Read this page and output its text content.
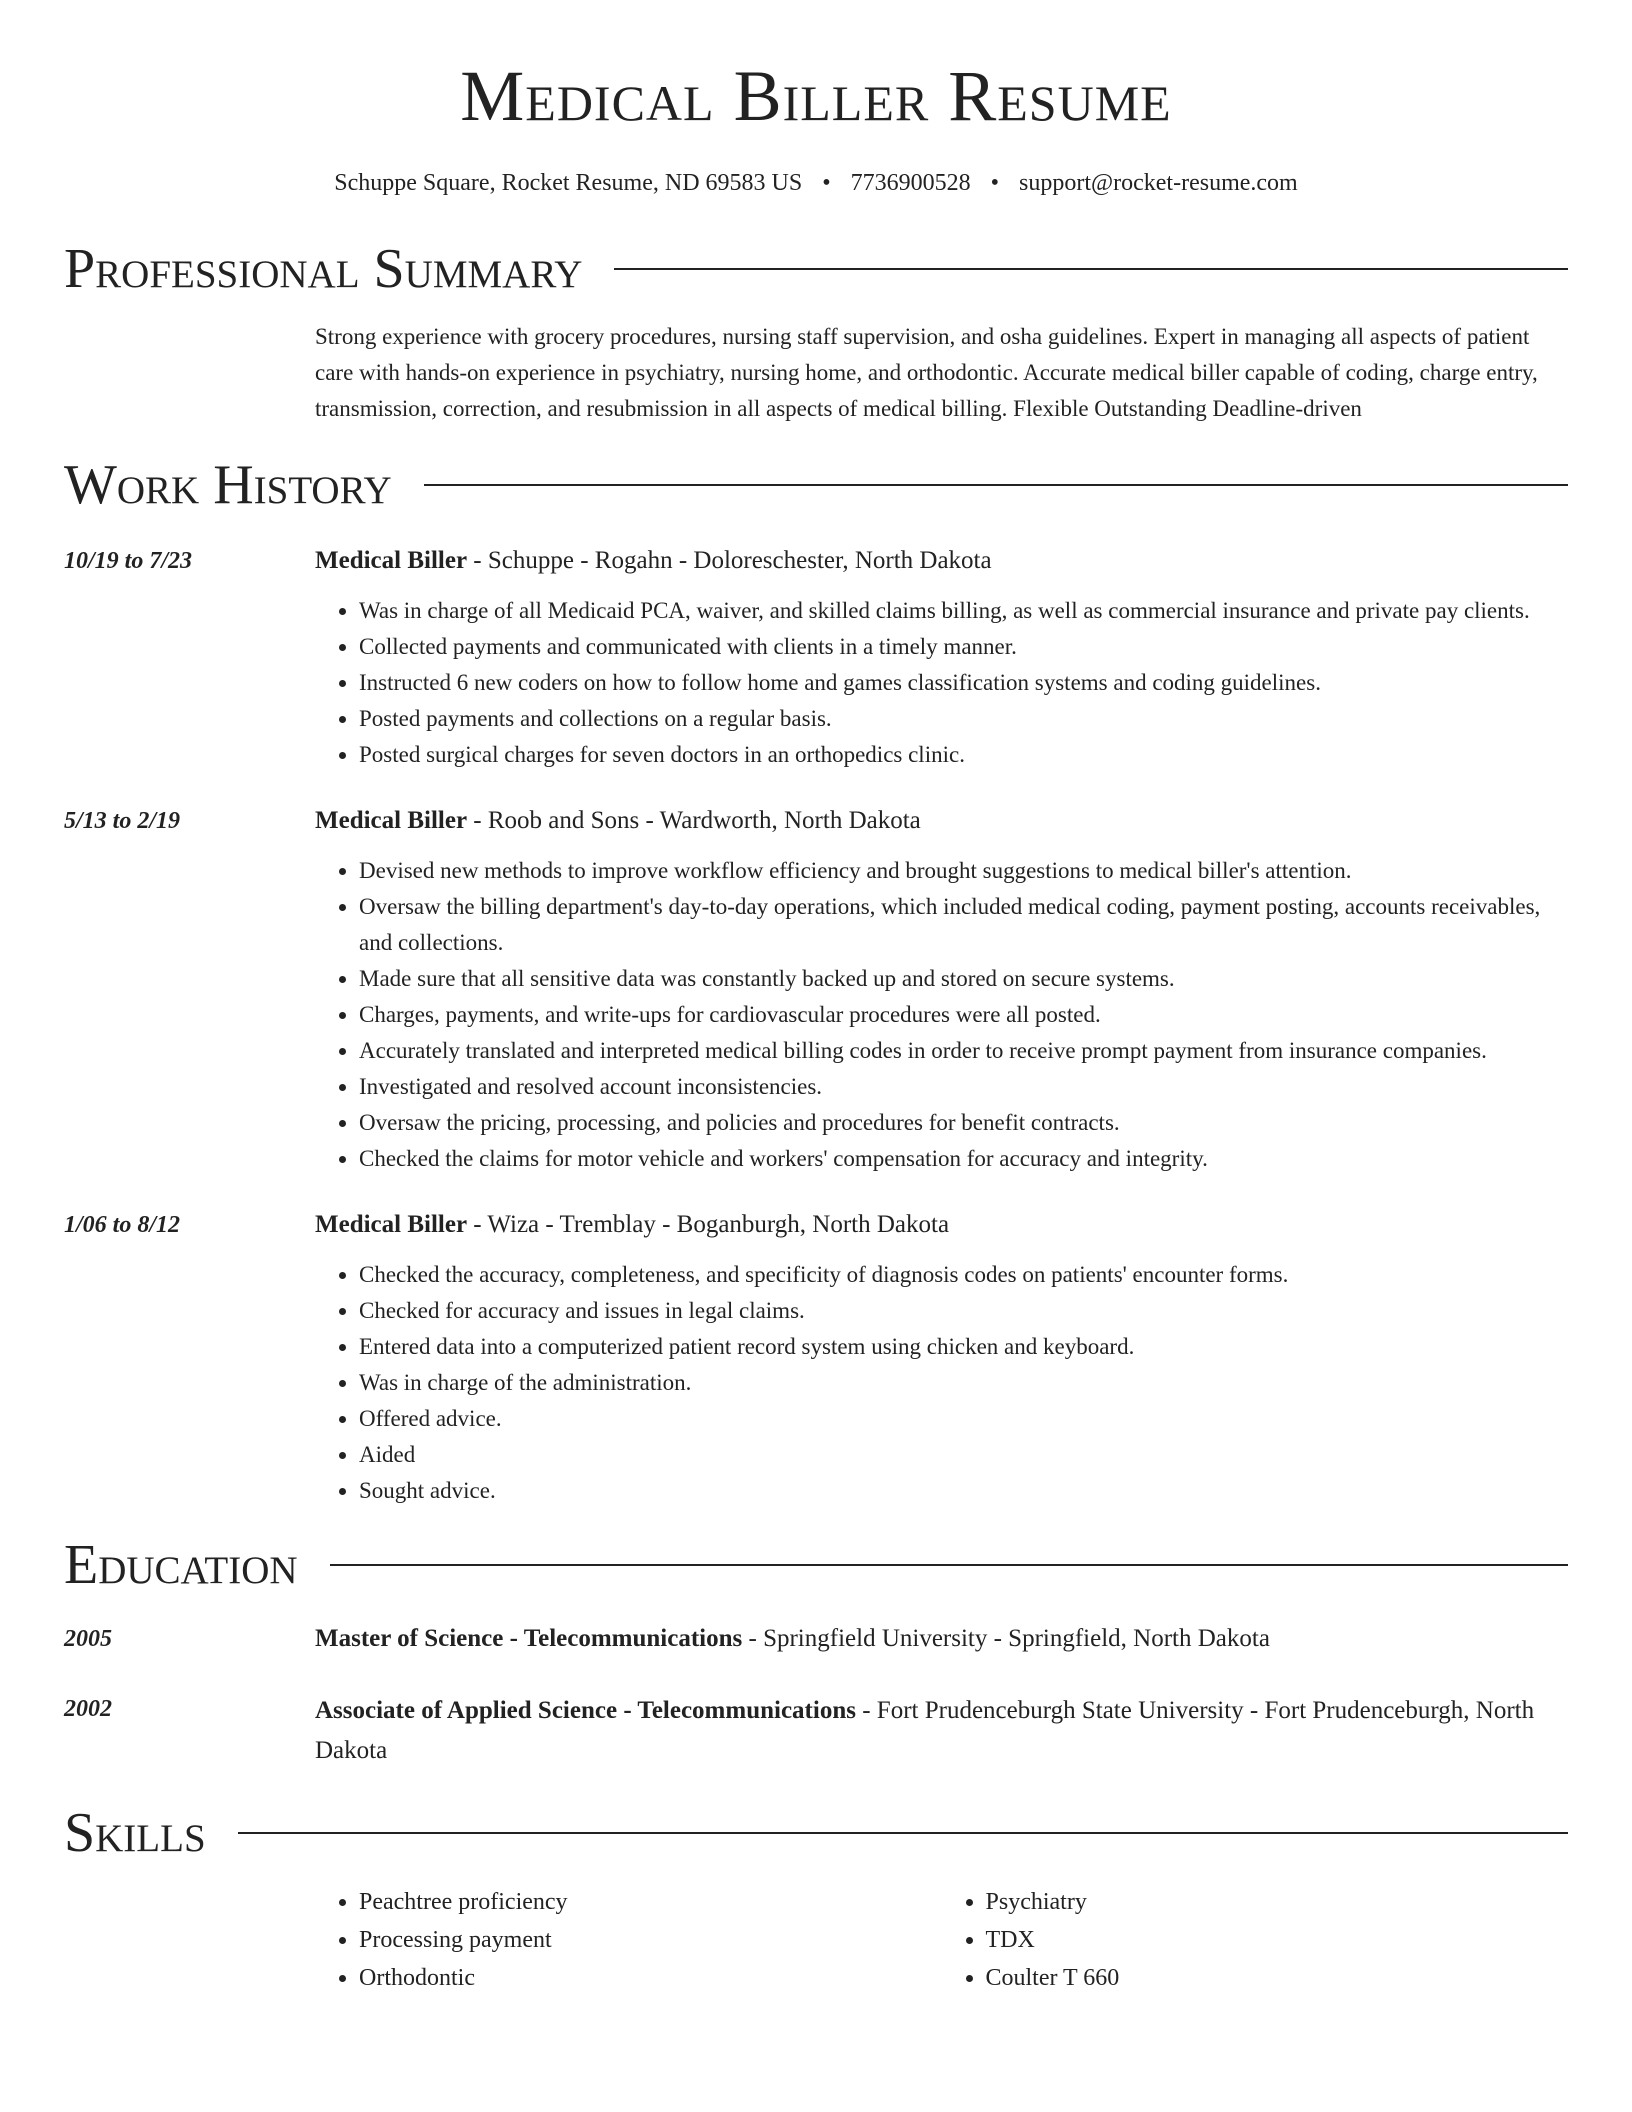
Medical Biller Resume
Schuppe Square, Rocket Resume, ND 69583 US • 7736900528 • support@rocket-resume.com
Professional Summary
Strong experience with grocery procedures, nursing staff supervision, and osha guidelines. Expert in managing all aspects of patient care with hands-on experience in psychiatry, nursing home, and orthodontic. Accurate medical biller capable of coding, charge entry, transmission, correction, and resubmission in all aspects of medical billing. Flexible Outstanding Deadline-driven
Work History
10/19 to 7/23	Medical Biller - Schuppe - Rogahn - Doloreschester, North Dakota
• Was in charge of all Medicaid PCA, waiver, and skilled claims billing, as well as commercial insurance and private pay clients.
• Collected payments and communicated with clients in a timely manner.
• Instructed 6 new coders on how to follow home and games classification systems and coding guidelines.
• Posted payments and collections on a regular basis.
• Posted surgical charges for seven doctors in an orthopedics clinic.
5/13 to 2/19	Medical Biller - Roob and Sons - Wardworth, North Dakota
• Devised new methods to improve workflow efficiency and brought suggestions to medical biller's attention.
• Oversaw the billing department's day-to-day operations, which included medical coding, payment posting, accounts receivables, and collections.
• Made sure that all sensitive data was constantly backed up and stored on secure systems.
• Charges, payments, and write-ups for cardiovascular procedures were all posted.
• Accurately translated and interpreted medical billing codes in order to receive prompt payment from insurance companies.
• Investigated and resolved account inconsistencies.
• Oversaw the pricing, processing, and policies and procedures for benefit contracts.
• Checked the claims for motor vehicle and workers' compensation for accuracy and integrity.
1/06 to 8/12	Medical Biller - Wiza - Tremblay - Boganburgh, North Dakota
• Checked the accuracy, completeness, and specificity of diagnosis codes on patients' encounter forms.
• Checked for accuracy and issues in legal claims.
• Entered data into a computerized patient record system using chicken and keyboard.
• Was in charge of the administration.
• Offered advice.
• Aided
• Sought advice.
Education
2005	Master of Science - Telecommunications - Springfield University - Springfield, North Dakota
2002	Associate of Applied Science - Telecommunications - Fort Prudenceburgh State University - Fort Prudenceburgh, North Dakota
Skills
• Peachtree proficiency
• Processing payment
• Orthodontic
• Psychiatry
• TDX
• Coulter T 660
